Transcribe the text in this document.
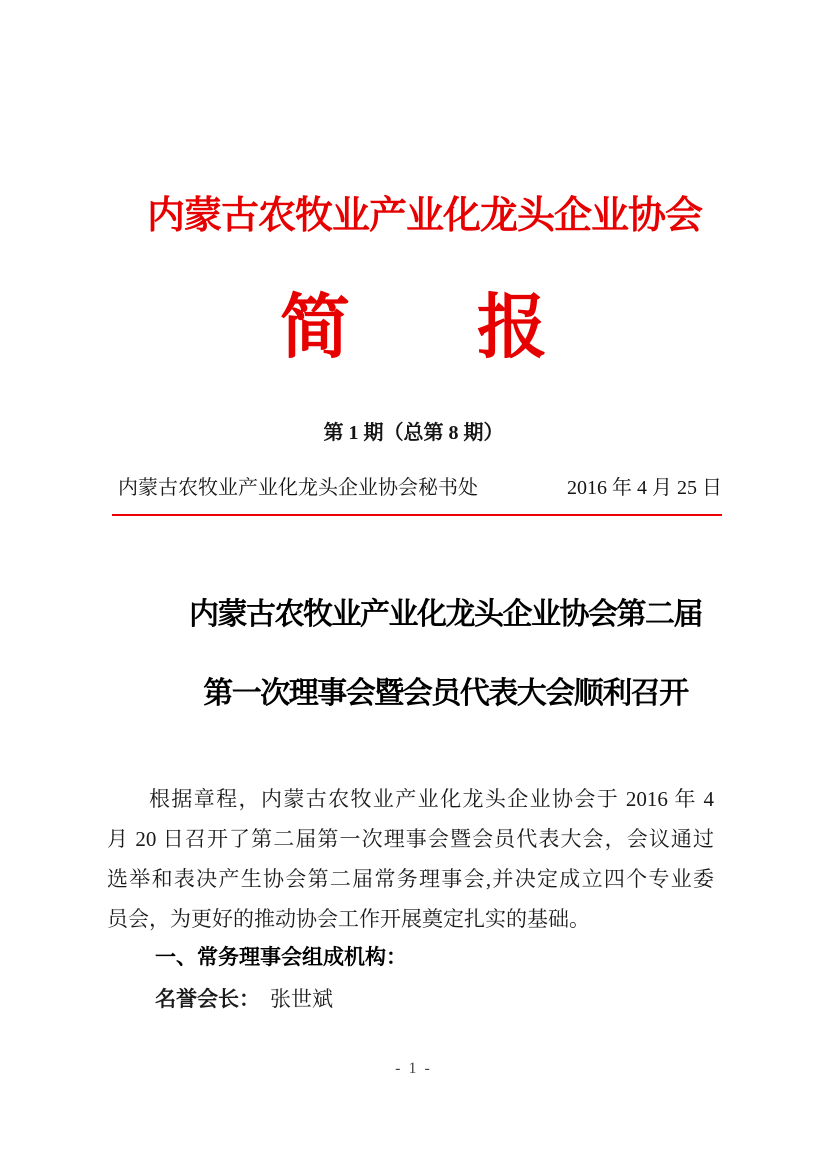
内蒙古农牧业产业化龙头企业协会
简 报
第 1 期（总第 8 期）
内蒙古农牧业产业化龙头企业协会秘书处	2016 年 4 月 25 日
内蒙古农牧业产业化龙头企业协会第二届
第一次理事会暨会员代表大会顺利召开
根据章程，内蒙古农牧业产业化龙头企业协会于 2016 年 4
月 20 日召开了第二届第一次理事会暨会员代表大会，会议通过
选举和表决产生协会第二届常务理事会,并决定成立四个专业委
员会，为更好的推动协会工作开展奠定扎实的基础。
一、常务理事会组成机构：
名誉会长： 张世斌
- 1 -
